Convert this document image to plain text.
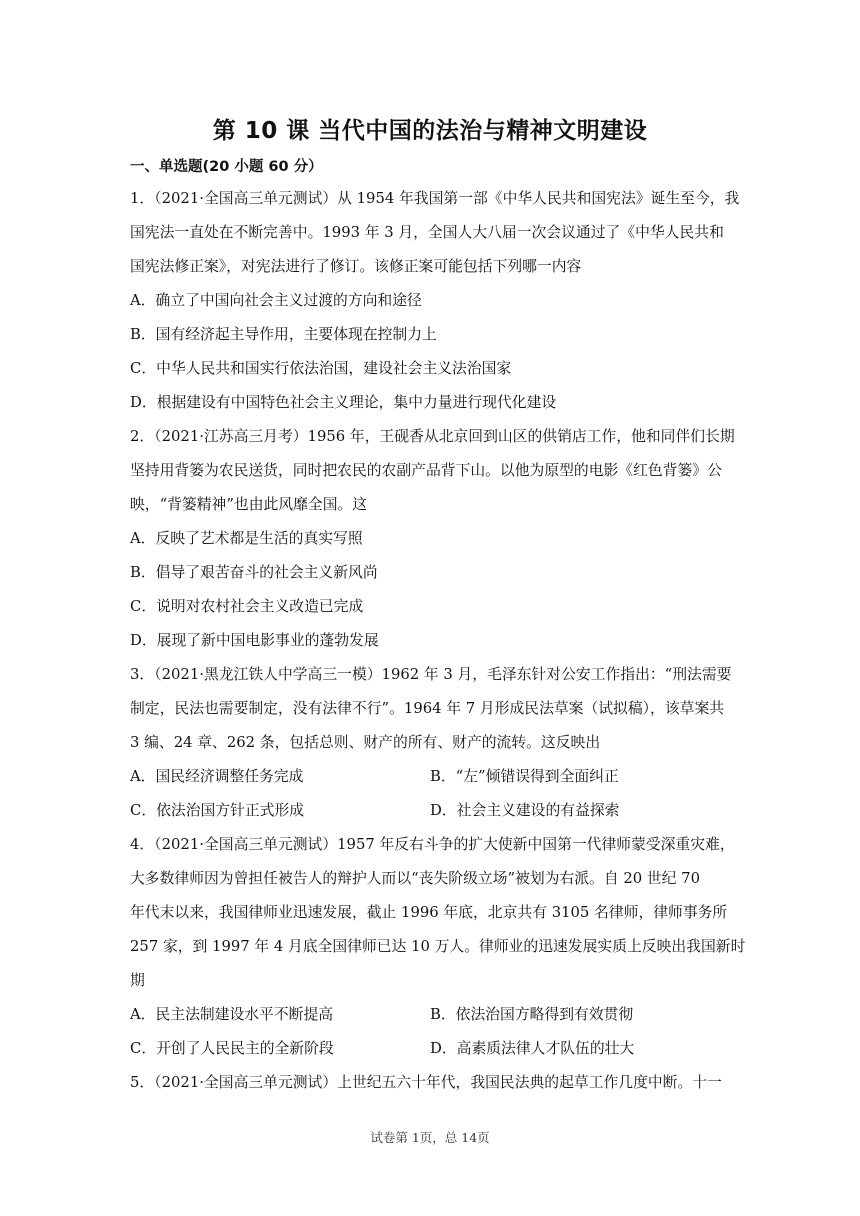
第 10 课 当代中国的法治与精神文明建设
一、单选题(20 小题 60 分）
1．（2021·全国高三单元测试）从 1954 年我国第一部《中华人民共和国宪法》诞生至今，我
国宪法一直处在不断完善中。1993 年 3 月，全国人大八届一次会议通过了《中华人民共和
国宪法修正案》，对宪法进行了修订。该修正案可能包括下列哪一内容
A．确立了中国向社会主义过渡的方向和途径
B．国有经济起主导作用，主要体现在控制力上
C．中华人民共和国实行依法治国，建设社会主义法治国家
D．根据建设有中国特色社会主义理论，集中力量进行现代化建设
2．（2021·江苏高三月考）1956 年，王砚香从北京回到山区的供销店工作，他和同伴们长期
坚持用背篓为农民送货，同时把农民的农副产品背下山。以他为原型的电影《红色背篓》公
映，“背篓精神”也由此风靡全国。这
A．反映了艺术都是生活的真实写照
B．倡导了艰苦奋斗的社会主义新风尚
C．说明对农村社会主义改造已完成
D．展现了新中国电影事业的蓬勃发展
3．（2021·黑龙江铁人中学高三一模）1962 年 3 月，毛泽东针对公安工作指出：“刑法需要
制定，民法也需要制定，没有法律不行”。1964 年 7 月形成民法草案（试拟稿），该草案共
3 编、24 章、262 条，包括总则、财产的所有、财产的流转。这反映出
A．国民经济调整任务完成	B．“左”倾错误得到全面纠正
C．依法治国方针正式形成	D．社会主义建设的有益探索
4．（2021·全国高三单元测试）1957 年反右斗争的扩大使新中国第一代律师蒙受深重灾难，
大多数律师因为曾担任被告人的辩护人而以“丧失阶级立场”被划为右派。自 20 世纪 70
年代末以来，我国律师业迅速发展，截止 1996 年底，北京共有 3105 名律师，律师事务所
257 家，到 1997 年 4 月底全国律师已达 10 万人。律师业的迅速发展实质上反映出我国新时
期
A．民主法制建设水平不断提高	B．依法治国方略得到有效贯彻
C．开创了人民民主的全新阶段	D．高素质法律人才队伍的壮大
5．（2021·全国高三单元测试）上世纪五六十年代，我国民法典的起草工作几度中断。十一
试卷第 1页，总 14页
